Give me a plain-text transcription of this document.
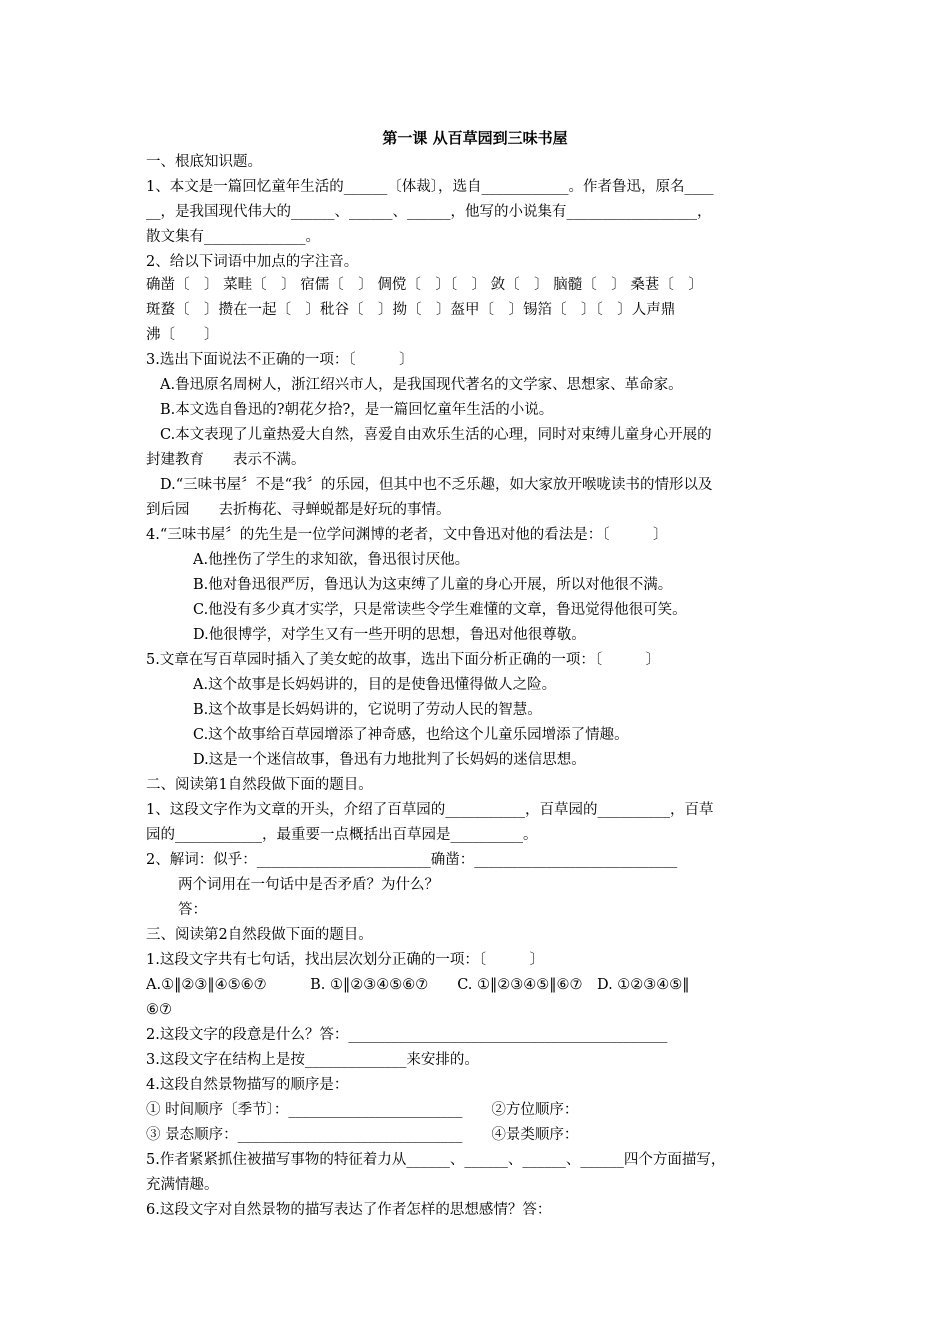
第一课 从百草园到三味书屋
一、根底知识题。
1、本文是一篇回忆童年生活的______〔体裁〕，选自____________。作者鲁迅，原名____
__，是我国现代伟大的______、______、______，他写的小说集有__________________，
散文集有______________。
2、给以下词语中加点的字注音。
确凿〔　〕 菜畦〔　〕 宿儒〔　〕 倜傥〔　〕〔　〕 敛〔　〕 脑髓〔　〕 桑葚〔　〕
斑蝥〔　〕攒在一起〔　〕秕谷〔　〕拗〔　〕盔甲〔　〕锡箔〔　〕〔　〕人声鼎
沸〔　　〕
3.选出下面说法不正确的一项：〔　　　〕
A.鲁迅原名周树人，浙江绍兴市人，是我国现代著名的文学家、思想家、革命家。
B.本文选自鲁迅的?朝花夕拾?，是一篇回忆童年生活的小说。
C.本文表现了儿童热爱大自然，喜爱自由欢乐生活的心理，同时对束缚儿童身心开展的
封建教育　　表示不满。
D.“三味书屋〞不是“我〞的乐园，但其中也不乏乐趣，如大家放开喉咙读书的情形以及
到后园　　去折梅花、寻蝉蜕都是好玩的事情。
4.“三味书屋〞的先生是一位学问渊博的老者，文中鲁迅对他的看法是：〔　　　〕
A.他挫伤了学生的求知欲，鲁迅很讨厌他。
B.他对鲁迅很严厉，鲁迅认为这束缚了儿童的身心开展，所以对他很不满。
C.他没有多少真才实学，只是常读些令学生难懂的文章，鲁迅觉得他很可笑。
D.他很博学，对学生又有一些开明的思想，鲁迅对他很尊敬。
5.文章在写百草园时插入了美女蛇的故事，选出下面分析正确的一项：〔　　　〕
A.这个故事是长妈妈讲的，目的是使鲁迅懂得做人之险。
B.这个故事是长妈妈讲的，它说明了劳动人民的智慧。
C.这个故事给百草园增添了神奇感，也给这个儿童乐园增添了情趣。
D.这是一个迷信故事，鲁迅有力地批判了长妈妈的迷信思想。
二、阅读第1自然段做下面的题目。
1、这段文字作为文章的开头，介绍了百草园的___________，百草园的__________，百草
园的____________，最重要一点概括出百草园是__________。
2、解词：似乎：________________________确凿：____________________________
两个词用在一句话中是否矛盾？为什么？
答：
三、阅读第2自然段做下面的题目。
1.这段文字共有七句话，找出层次划分正确的一项：〔　　　〕
A.①‖②③‖④⑤⑥⑦　　　B. ①‖②③④⑤⑥⑦　　C. ①‖②③④⑤‖⑥⑦　D. ①②③④⑤‖
⑥⑦
2.这段文字的段意是什么？答：____________________________________________
3.这段文字在结构上是按______________来安排的。
4.这段自然景物描写的顺序是：
① 时间顺序〔季节〕：________________________　　②方位顺序：
③ 景态顺序：_______________________________　　④景类顺序：
5.作者紧紧抓住被描写事物的特征着力从______、______、______、______四个方面描写，
充满情趣。
6.这段文字对自然景物的描写表达了作者怎样的思想感情？答：
